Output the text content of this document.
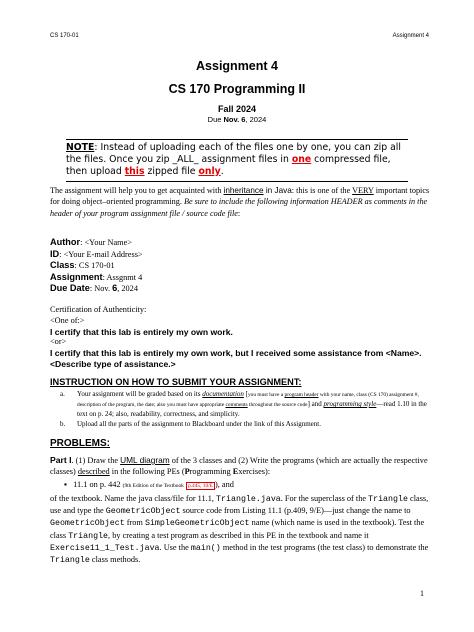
CS 170-01	Assignment 4
Assignment 4
CS 170 Programming II
Fall 2024
Due Nov. 6, 2024
NOTE: Instead of uploading each of the files one by one, you can zip all the files. Once you zip _ALL_ assignment files in one compressed file, then upload this zipped file only.
The assignment will help you to get acquainted with inheritance in Java: this is one of the VERY important topics for doing object–oriented programming. Be sure to include the following information HEADER as comments in the header of your program assignment file / source code file:
Author: <Your Name>
ID: <Your E-mail Address>
Class: CS 170-01
Assignment: Assgnmt 4
Due Date: Nov. 6, 2024
Certification of Authenticity:
<One of:>
I certify that this lab is entirely my own work.
<or>
I certify that this lab is entirely my own work, but I received some assistance from <Name>. <Describe type of assistance.>
INSTRUCTION ON HOW TO SUBMIT YOUR ASSIGNMENT:
a.	Your assignment will be graded based on its documentation [you must have a program header with your name, class (CS 170) assignment #, description of the program, the date; also you must have appropriate comments throughout the source code] and programming style—read 1.10 in the text on p. 24; also, readability, correctness, and simplicity.
b.	Upload all the parts of the assignment to Blackboard under the link of this Assignment.
PROBLEMS:
Part I. (1) Draw the UML diagram of the 3 classes and (2) Write the programs (which are actually the respective classes) described in the following PEs (Programming Exercises):
▪   11.1 on p. 442 (9th Edition of the Textbook p.445, 10/E ), and
of the textbook. Name the java class/file for 11.1, Triangle.java. For the superclass of the Triangle class, use and type the GeometricObject source code from Listing 11.1 (p.409, 9/E)—just change the name to GeometricObject from SimpleGeometricObject name (which name is used in the textbook). Test the class Triangle, by creating a test program as described in this PE in the textbook and name it Exercise11_1_Test.java. Use the main() method in the test programs (the test class) to demonstrate the Triangle class methods.
1
